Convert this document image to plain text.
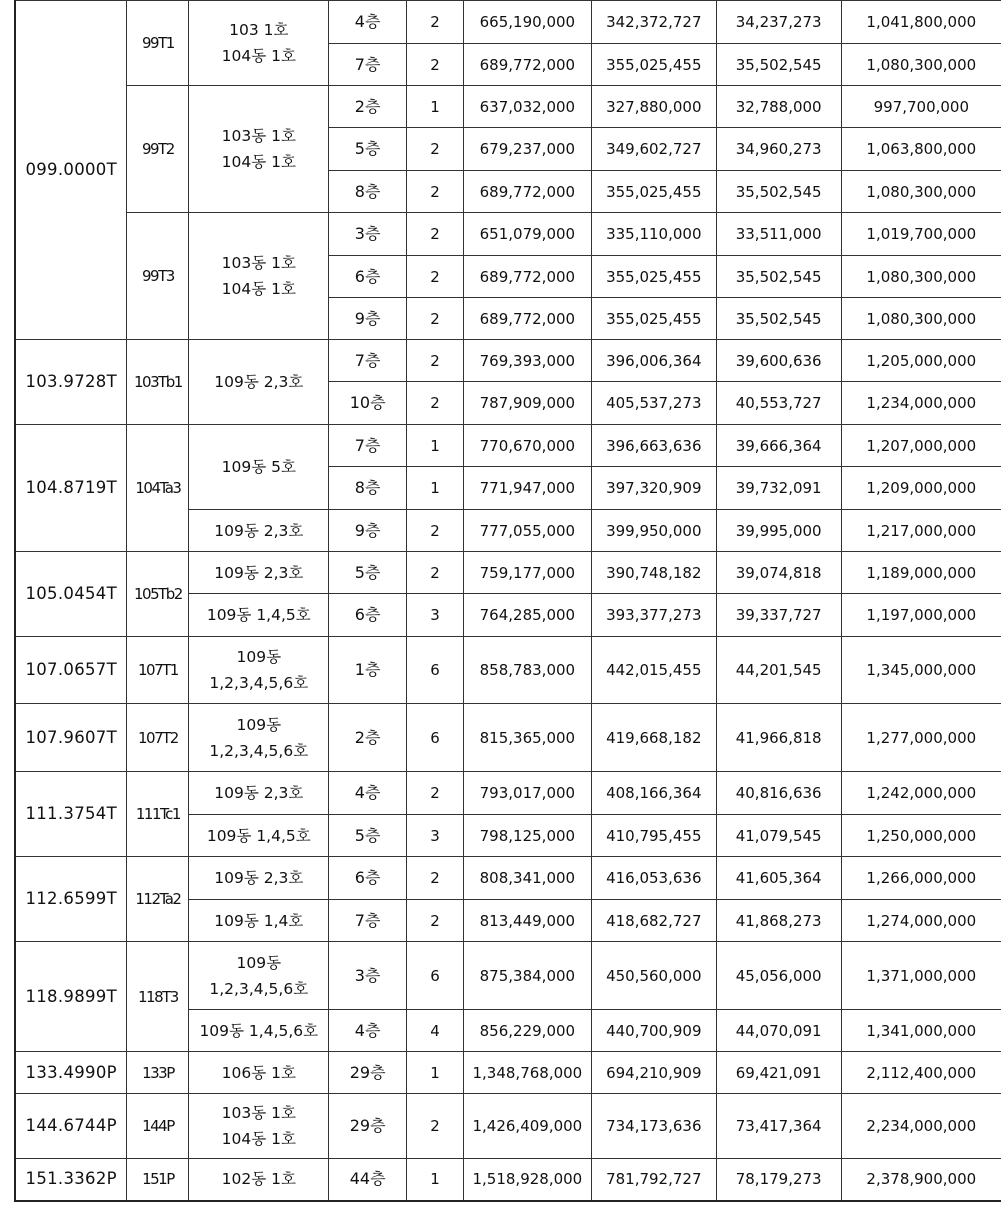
099.0000T	99T1	103 1호
104동 1호	4층	2	665,190,000	342,372,727	34,237,273	1,041,800,000
			7층	2	689,772,000	355,025,455	35,502,545	1,080,300,000
	99T2	103동 1호
104동 1호	2층	1	637,032,000	327,880,000	32,788,000	997,700,000
			5층	2	679,237,000	349,602,727	34,960,273	1,063,800,000
			8층	2	689,772,000	355,025,455	35,502,545	1,080,300,000
	99T3	103동 1호
104동 1호	3층	2	651,079,000	335,110,000	33,511,000	1,019,700,000
			6층	2	689,772,000	355,025,455	35,502,545	1,080,300,000
			9층	2	689,772,000	355,025,455	35,502,545	1,080,300,000
103.9728T	103Tb1	109동 2,3호	7층	2	769,393,000	396,006,364	39,600,636	1,205,000,000
			10층	2	787,909,000	405,537,273	40,553,727	1,234,000,000
104.8719T	104Ta3	109동 5호	7층	1	770,670,000	396,663,636	39,666,364	1,207,000,000
			8층	1	771,947,000	397,320,909	39,732,091	1,209,000,000
		109동 2,3호	9층	2	777,055,000	399,950,000	39,995,000	1,217,000,000
105.0454T	105Tb2	109동 2,3호	5층	2	759,177,000	390,748,182	39,074,818	1,189,000,000
		109동 1,4,5호	6층	3	764,285,000	393,377,273	39,337,727	1,197,000,000
107.0657T	107T1	109동
1,2,3,4,5,6호	1층	6	858,783,000	442,015,455	44,201,545	1,345,000,000
107.9607T	107T2	109동
1,2,3,4,5,6호	2층	6	815,365,000	419,668,182	41,966,818	1,277,000,000
111.3754T	111Tc1	109동 2,3호	4층	2	793,017,000	408,166,364	40,816,636	1,242,000,000
		109동 1,4,5호	5층	3	798,125,000	410,795,455	41,079,545	1,250,000,000
112.6599T	112Ta2	109동 2,3호	6층	2	808,341,000	416,053,636	41,605,364	1,266,000,000
		109동 1,4호	7층	2	813,449,000	418,682,727	41,868,273	1,274,000,000
118.9899T	118T3	109동
1,2,3,4,5,6호	3층	6	875,384,000	450,560,000	45,056,000	1,371,000,000
		109동 1,4,5,6호	4층	4	856,229,000	440,700,909	44,070,091	1,341,000,000
133.4990P	133P	106동 1호	29층	1	1,348,768,000	694,210,909	69,421,091	2,112,400,000
144.6744P	144P	103동 1호
104동 1호	29층	2	1,426,409,000	734,173,636	73,417,364	2,234,000,000
151.3362P	151P	102동 1호	44층	1	1,518,928,000	781,792,727	78,179,273	2,378,900,000
